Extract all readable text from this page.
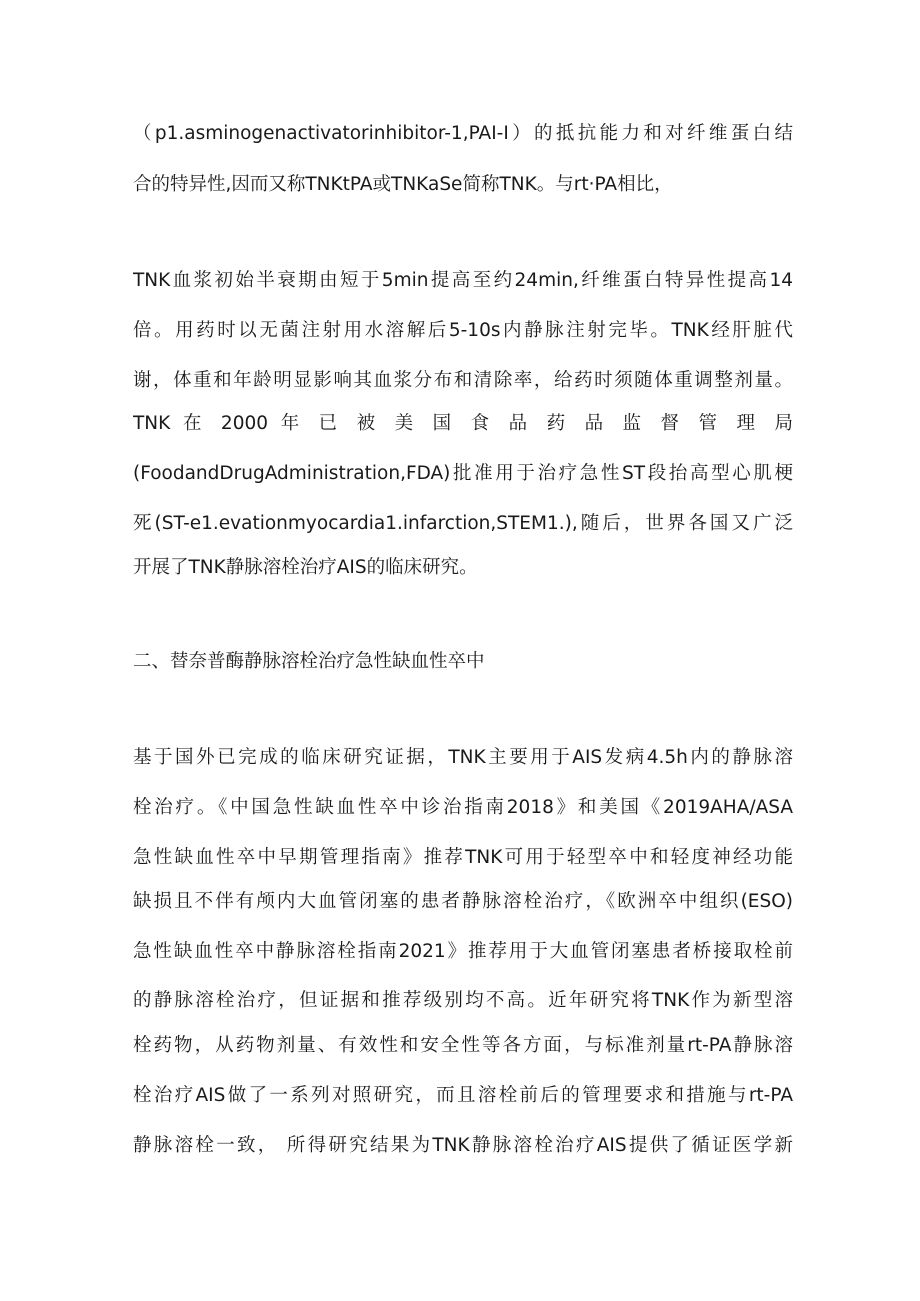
（p1.asminogenactivatorinhibitor-1,PAI-I）的抵抗能力和对纤维蛋白结
合的特异性,因而又称TNKtPA或TNKaSe简称TNK。与rt·PA相比，
TNK血浆初始半衰期由短于5min提高至约24min,纤维蛋白特异性提高14
倍。用药时以无菌注射用水溶解后5-10s内静脉注射完毕。TNK经肝脏代
谢，体重和年龄明显影响其血浆分布和清除率，给药时须随体重调整剂量。
TNK 在 2000 年 已 被 美 国 食 品 药 品 监 督 管 理 局
(FoodandDrugAdministration,FDA)批准用于治疗急性ST段抬高型心肌梗
死(ST-e1.evationmyocardia1.infarction,STEM1.),随后，世界各国又广泛
开展了TNK静脉溶栓治疗AIS的临床研究。
二、替奈普酶静脉溶栓治疗急性缺血性卒中
基于国外已完成的临床研究证据，TNK主要用于AIS发病4.5h内的静脉溶
栓治疗。《中国急性缺血性卒中诊治指南2018》和美国《2019AHA/ASA
急性缺血性卒中早期管理指南》推荐TNK可用于轻型卒中和轻度神经功能
缺损且不伴有颅内大血管闭塞的患者静脉溶栓治疗，《欧洲卒中组织(ESO)
急性缺血性卒中静脉溶栓指南2021》推荐用于大血管闭塞患者桥接取栓前
的静脉溶栓治疗，但证据和推荐级别均不高。近年研究将TNK作为新型溶
栓药物，从药物剂量、有效性和安全性等各方面，与标准剂量rt-PA静脉溶
栓治疗AIS做了一系列对照研究，而且溶栓前后的管理要求和措施与rt-PA
静脉溶栓一致， 所得研究结果为TNK静脉溶栓治疗AIS提供了循证医学新
